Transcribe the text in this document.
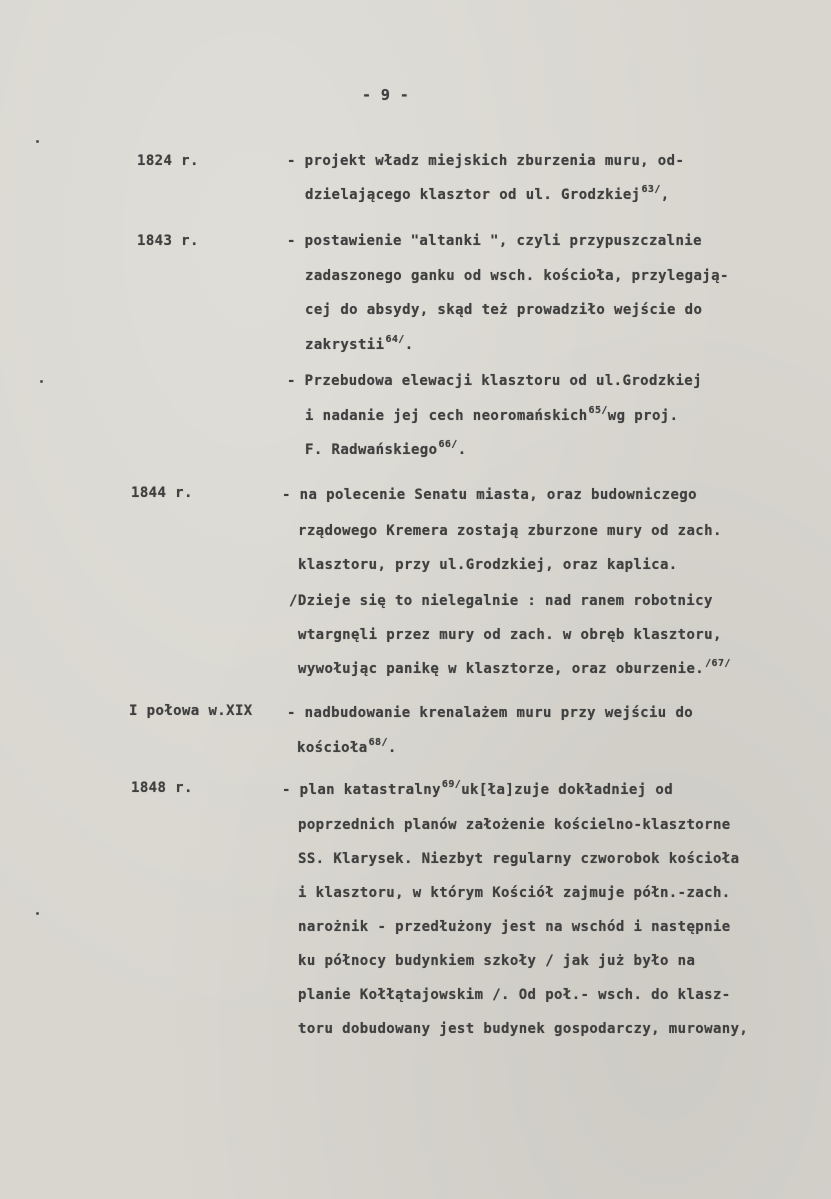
- 9 -
1824 r.	- projekt władz miejskich zburzenia muru, od-
dzielającego klasztor od ul. Grodzkiej$^{63/}$,
1843 r.	- postawienie "altanki ", czyli przypuszczalnie
zadaszonego ganku od wsch. kościoła, przylegają-
cej do absydy, skąd też prowadziło wejście do
zakrystii$^{64/}$.
- Przebudowa elewacji klasztoru od ul.Grodzkiej
i nadanie jej cech neoromańskich$^{65/}$wg proj.
F. Radwańskiego$^{66/}$.
1844 r.	- na polecenie Senatu miasta, oraz budowniczego
rządowego Kremera zostają zburzone mury od zach.
klasztoru, przy ul.Grodzkiej, oraz kaplica.
/Dzieje się to nielegalnie : nad ranem robotnicy
wtargnęli przez mury od zach. w obręb klasztoru,
wywołując panikę w klasztorze, oraz oburzenie.$^{/67/}$
I połowa w.XIX - nadbudowanie krenalażem muru przy wejściu do
kościoła$^{68/}$.
1848 r.	- plan katastralny$^{69/}$uk[ła]zuje dokładniej od
poprzednich planów założenie kościelno-klasztorne
SS. Klarysek. Niezbyt regularny czworobok kościoła
i klasztoru, w którym Kościół zajmuje półn.-zach.
narożnik - przedłużony jest na wschód i następnie
ku północy budynkiem szkoły / jak już było na
planie Kołłątajowskim /. Od poł.- wsch. do klasz-
toru dobudowany jest budynek gospodarczy, murowany,
